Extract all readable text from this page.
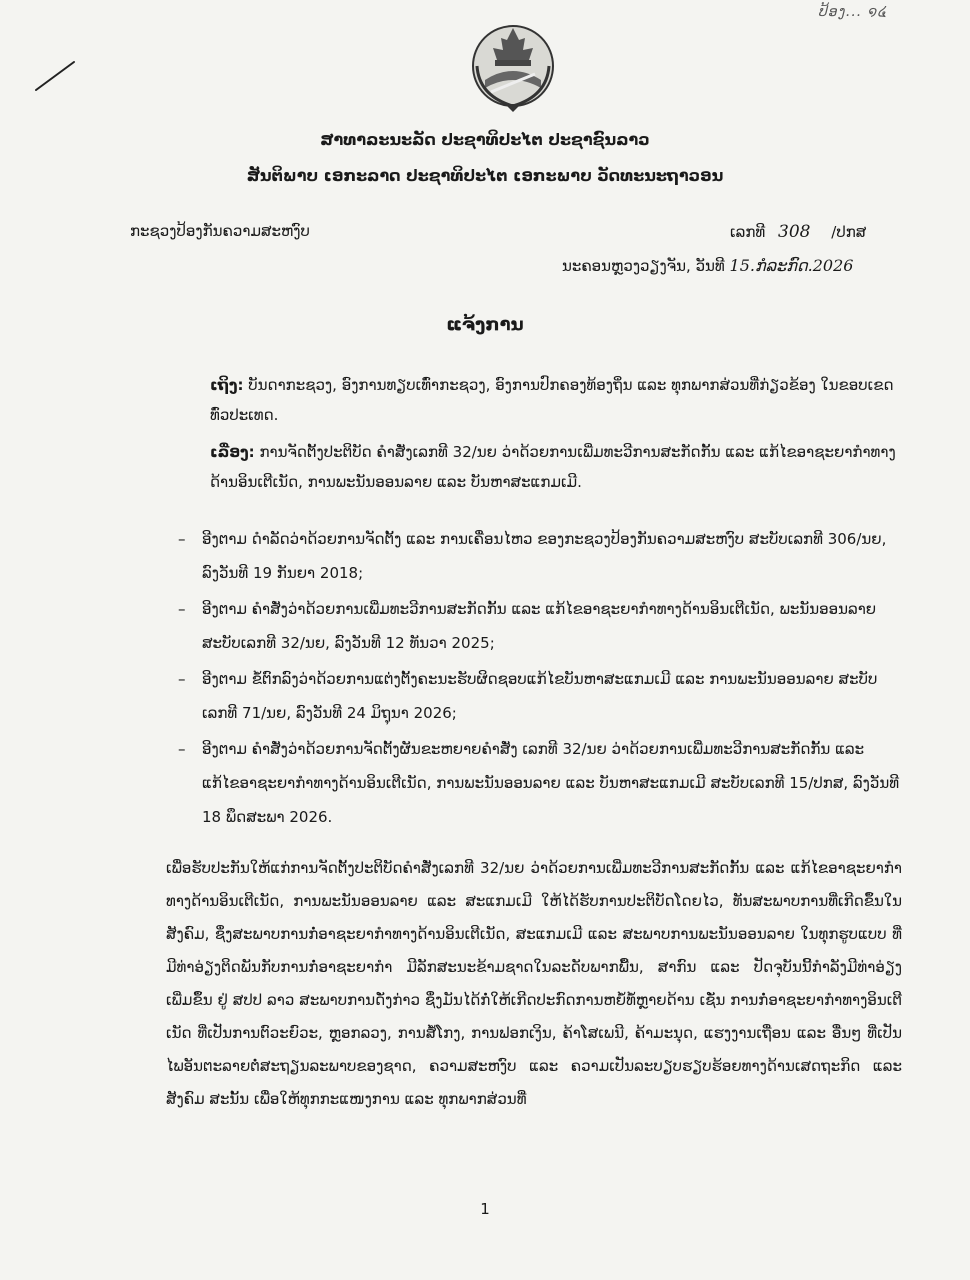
ປ້ອງ... ໑໔
ສາທາລະນະລັດ ປະຊາທິປະໄຕ ປະຊາຊົນລາວ
ສັນຕິພາບ ເອກະລາດ ປະຊາທິປະໄຕ ເອກະພາບ ວັດທະນະຖາວອນ
ກະຊວງປ້ອງກັນຄວາມສະຫງົບ	ເລກທີ 308 /ປກສ
ນະຄອນຫຼວງວຽງຈັນ, ວັນທີ 15.ກໍລະກົດ.2026
ແຈ້ງການ
ເຖິງ: ບັນດາກະຊວງ, ອົງການທຽບເທົ່າກະຊວງ, ອົງການປົກຄອງທ້ອງຖິ່ນ ແລະ ທຸກພາກສ່ວນທີ່ກ່ຽວຂ້ອງ ໃນຂອບເຂດທົ່ວປະເທດ.
ເລື່ອງ: ການຈັດຕັ້ງປະຕິບັດ ຄຳສັ່ງເລກທີ 32/ນຍ ວ່າດ້ວຍການເພີ່ມທະວີການສະກັດກັ້ນ ແລະ ແກ້ໄຂອາຊະຍາກຳທາງດ້ານອິນເຕີເນັດ, ການພະນັນອອນລາຍ ແລະ ບັນຫາສະແກມເມີ.
– ອີງຕາມ ດຳລັດວ່າດ້ວຍການຈັດຕັ້ງ ແລະ ການເຄື່ອນໄຫວ ຂອງກະຊວງປ້ອງກັນຄວາມສະຫງົບ ສະບັບເລກທີ 306/ນຍ, ລົງວັນທີ 19 ກັນຍາ 2018;
– ອີງຕາມ ຄຳສັ່ງວ່າດ້ວຍການເພີ່ມທະວີການສະກັດກັ້ນ ແລະ ແກ້ໄຂອາຊະຍາກຳທາງດ້ານອິນເຕີເນັດ, ພະນັນອອນລາຍ ສະບັບເລກທີ 32/ນຍ, ລົງວັນທີ 12 ທັນວາ 2025;
– ອີງຕາມ ຂໍ້ຕົກລົງວ່າດ້ວຍການແຕ່ງຕັ້ງຄະນະຮັບຜິດຊອບແກ້ໄຂບັນຫາສະແກມເມີ ແລະ ການພະນັນອອນລາຍ ສະບັບເລກທີ 71/ນຍ, ລົງວັນທີ 24 ມິຖຸນາ 2026;
– ອີງຕາມ ຄຳສັ່ງວ່າດ້ວຍການຈັດຕັ້ງຜັນຂະຫຍາຍຄຳສັ່ງ ເລກທີ 32/ນຍ ວ່າດ້ວຍການເພີ່ມທະວີການສະກັດກັ້ນ ແລະ ແກ້ໄຂອາຊະຍາກຳທາງດ້ານອິນເຕີເນັດ, ການພະນັນອອນລາຍ ແລະ ບັນຫາສະແກມເມີ ສະບັບເລກທີ 15/ປກສ, ລົງວັນທີ 18 ພຶດສະພາ 2026.
ເພື່ອຮັບປະກັນໃຫ້ແກ່ການຈັດຕັ້ງປະຕິບັດຄຳສັ່ງເລກທີ 32/ນຍ ວ່າດ້ວຍການເພີ່ມທະວີການສະກັດກັ້ນ ແລະ ແກ້ໄຂອາຊະຍາກຳທາງດ້ານອິນເຕີເນັດ, ການພະນັນອອນລາຍ ແລະ ສະແກມເມີ ໃຫ້ໄດ້ຮັບການປະຕິບັດໂດຍໄວ, ທັນສະພາບການທີ່ເກີດຂຶ້ນໃນສັງຄົມ, ຊຶ່ງສະພາບການກໍ່ອາຊະຍາກຳທາງດ້ານອິນເຕີເນັດ, ສະແກມເມີ ແລະ ສະພາບການພະນັນອອນລາຍ ໃນທຸກຮູບແບບ ທີ່ມີທ່າອ່ຽງຕິດພັນກັບການກໍ່ອາຊະຍາກຳ ມີລັກສະນະຂ້າມຊາດໃນລະດັບພາກພື້ນ, ສາກົນ ແລະ ປັດຈຸບັນນີ້ກຳລັງມີທ່າອ່ຽງເພີ່ມຂຶ້ນ ຢູ່ ສປປ ລາວ ສະພາບການດັ່ງກ່າວ ຊຶ່ງມັນໄດ້ກໍ່ໃຫ້ເກີດປະກົດການຫຍໍ້ທໍ້ຫຼາຍດ້ານ ເຊັ່ນ ການກໍ່ອາຊະຍາກຳທາງອິນເຕີເນັດ ທີ່ເປັນການຕົວະຍົວະ, ຫຼອກລວງ, ການສໍ້ໂກງ, ການຟອກເງິນ, ຄ້າໂສເພນີ, ຄ້າມະນຸດ, ແຮງງານເຖື່ອນ ແລະ ອື່ນໆ ທີ່ເປັນໄພອັນຕະລາຍຕໍ່ສະຖຽນລະພາບຂອງຊາດ, ຄວາມສະຫງົບ ແລະ ຄວາມເປັນລະບຽບຮຽບຮ້ອຍທາງດ້ານເສດຖະກິດ ແລະ ສັງຄົມ ສະນັ້ນ ເພື່ອໃຫ້ທຸກກະແໜງການ ແລະ ທຸກພາກສ່ວນທີ່
1
